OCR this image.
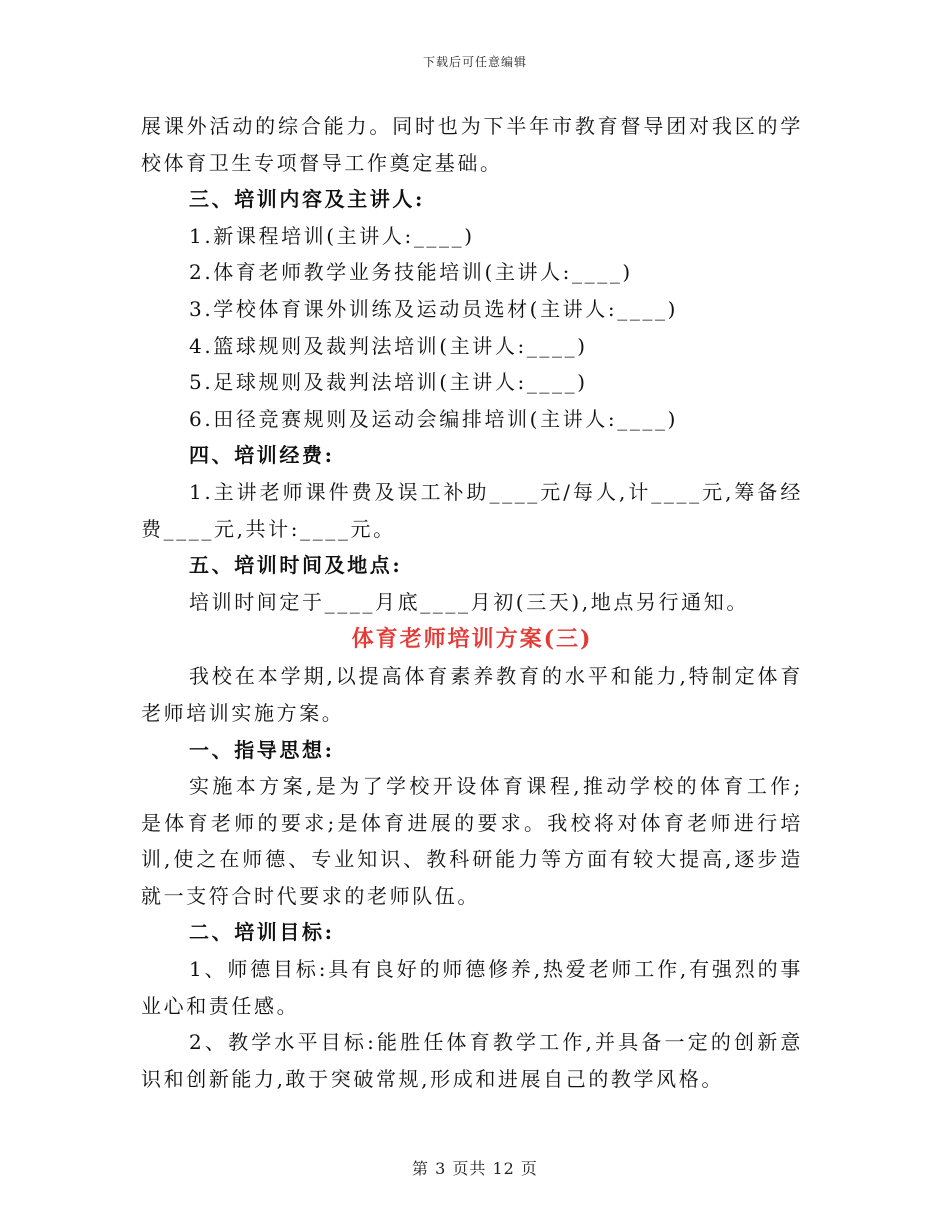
下载后可任意编辑

展课外活动的综合能力。同时也为下半年市教育督导团对我区的学校体育卫生专项督导工作奠定基础。

三、培训内容及主讲人:

1.新课程培训(主讲人:____)

2.体育老师教学业务技能培训(主讲人:____)

3.学校体育课外训练及运动员选材(主讲人:____)

4.篮球规则及裁判法培训(主讲人:____)

5.足球规则及裁判法培训(主讲人:____)

6.田径竞赛规则及运动会编排培训(主讲人:____)

四、培训经费:

1.主讲老师课件费及误工补助____元/每人,计____元,筹备经费____元,共计:____元。

五、培训时间及地点:

培训时间定于____月底____月初(三天),地点另行通知。

体育老师培训方案(三)

我校在本学期,以提高体育素养教育的水平和能力,特制定体育老师培训实施方案。

一、指导思想:

实施本方案,是为了学校开设体育课程,推动学校的体育工作;是体育老师的要求;是体育进展的要求。我校将对体育老师进行培训,使之在师德、专业知识、教科研能力等方面有较大提高,逐步造就一支符合时代要求的老师队伍。

二、培训目标:

1、师德目标:具有良好的师德修养,热爱老师工作,有强烈的事业心和责任感。

2、教学水平目标:能胜任体育教学工作,并具备一定的创新意识和创新能力,敢于突破常规,形成和进展自己的教学风格。

第 3 页共 12 页
